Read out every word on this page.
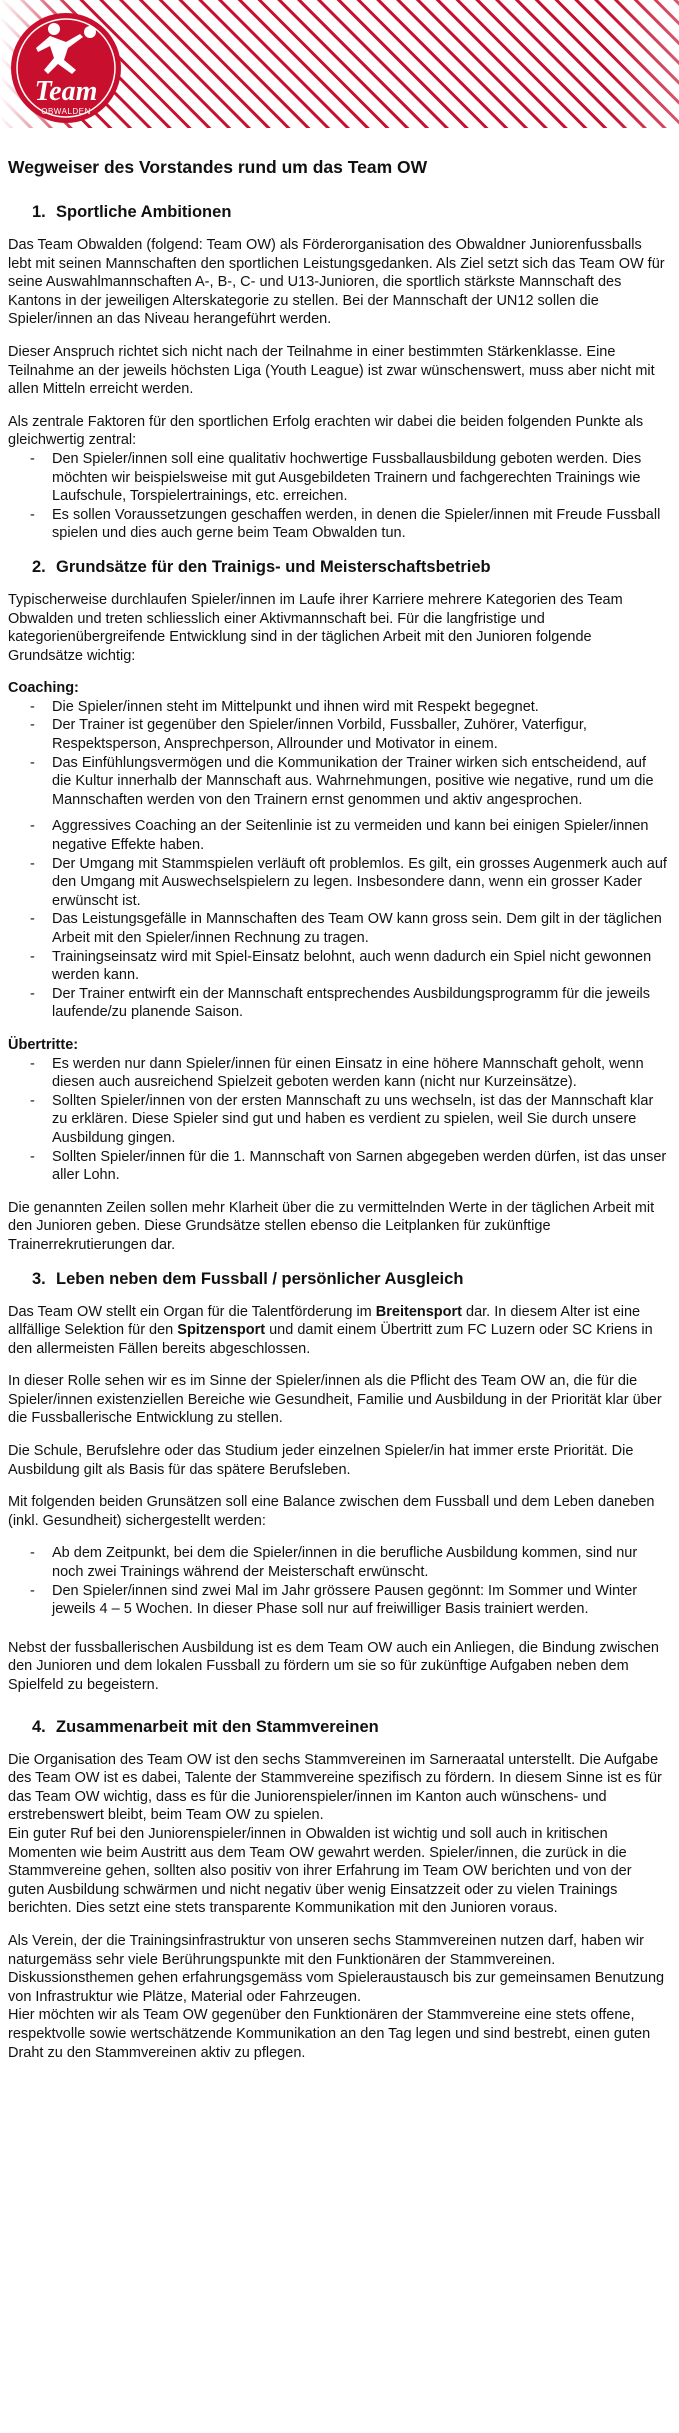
Team
OBWALDEN
Wegweiser des Vorstandes rund um das Team OW
1. Sportliche Ambitionen

Das Team Obwalden (folgend: Team OW) als Förderorganisation des Obwaldner Juniorenfussballs lebt mit seinen Mannschaften den sportlichen Leistungsgedanken. Als Ziel setzt sich das Team OW für seine Auswahlmannschaften A-, B-, C- und U13-Junioren, die sportlich stärkste Mannschaft des Kantons in der jeweiligen Alterskategorie zu stellen. Bei der Mannschaft der UN12 sollen die Spieler/innen an das Niveau herangeführt werden.

Dieser Anspruch richtet sich nicht nach der Teilnahme in einer bestimmten Stärkenklasse. Eine Teilnahme an der jeweils höchsten Liga (Youth League) ist zwar wünschenswert, muss aber nicht mit allen Mitteln erreicht werden.

Als zentrale Faktoren für den sportlichen Erfolg erachten wir dabei die beiden folgenden Punkte als gleichwertig zentral:

- Den Spieler/innen soll eine qualitativ hochwertige Fussballausbildung geboten werden. Dies möchten wir beispielsweise mit gut Ausgebildeten Trainern und fachgerechten Trainings wie Laufschule, Torspielertrainings, etc. erreichen.
- Es sollen Voraussetzungen geschaffen werden, in denen die Spieler/innen mit Freude Fussball spielen und dies auch gerne beim Team Obwalden tun.
2. Grundsätze für den Trainigs- und Meisterschaftsbetrieb

Typischerweise durchlaufen Spieler/innen im Laufe ihrer Karriere mehrere Kategorien des Team Obwalden und treten schliesslich einer Aktivmannschaft bei. Für die langfristige und kategorienübergreifende Entwicklung sind in der täglichen Arbeit mit den Junioren folgende Grundsätze wichtig:

Coaching:

- Die Spieler/innen steht im Mittelpunkt und ihnen wird mit Respekt begegnet.
- Der Trainer ist gegenüber den Spieler/innen Vorbild, Fussballer, Zuhörer, Vaterfigur, Respektsperson, Ansprechperson, Allrounder und Motivator in einem.
- Das Einfühlungsvermögen und die Kommunikation der Trainer wirken sich entscheidend, auf die Kultur innerhalb der Mannschaft aus. Wahrnehmungen, positive wie negative, rund um die Mannschaften werden von den Trainern ernst genommen und aktiv angesprochen.
- Aggressives Coaching an der Seitenlinie ist zu vermeiden und kann bei einigen Spieler/innen negative Effekte haben.
- Der Umgang mit Stammspielen verläuft oft problemlos. Es gilt, ein grosses Augenmerk auch auf den Umgang mit Auswechselspielern zu legen. Insbesondere dann, wenn ein grosser Kader erwünscht ist.
- Das Leistungsgefälle in Mannschaften des Team OW kann gross sein. Dem gilt in der täglichen Arbeit mit den Spieler/innen Rechnung zu tragen.
- Trainingseinsatz wird mit Spiel-Einsatz belohnt, auch wenn dadurch ein Spiel nicht gewonnen werden kann.
- Der Trainer entwirft ein der Mannschaft entsprechendes Ausbildungsprogramm für die jeweils laufende/zu planende Saison.

Übertritte:

- Es werden nur dann Spieler/innen für einen Einsatz in eine höhere Mannschaft geholt, wenn diesen auch ausreichend Spielzeit geboten werden kann (nicht nur Kurzeinsätze).
- Sollten Spieler/innen von der ersten Mannschaft zu uns wechseln, ist das der Mannschaft klar zu erklären. Diese Spieler sind gut und haben es verdient zu spielen, weil Sie durch unsere Ausbildung gingen.
- Sollten Spieler/innen für die 1. Mannschaft von Sarnen abgegeben werden dürfen, ist das unser aller Lohn.

Die genannten Zeilen sollen mehr Klarheit über die zu vermittelnden Werte in der täglichen Arbeit mit den Junioren geben. Diese Grundsätze stellen ebenso die Leitplanken für zukünftige Trainerrekrutierungen dar.

3. Leben neben dem Fussball / persönlicher Ausgleich

Das Team OW stellt ein Organ für die Talentförderung im Breitensport dar. In diesem Alter ist eine allfällige Selektion für den Spitzensport und damit einem Übertritt zum FC Luzern oder SC Kriens in den allermeisten Fällen bereits abgeschlossen.

In dieser Rolle sehen wir es im Sinne der Spieler/innen als die Pflicht des Team OW an, die für die Spieler/innen existenziellen Bereiche wie Gesundheit, Familie und Ausbildung in der Priorität klar über die Fussballerische Entwicklung zu stellen.

Die Schule, Berufslehre oder das Studium jeder einzelnen Spieler/in hat immer erste Priorität. Die Ausbildung gilt als Basis für das spätere Berufsleben.

Mit folgenden beiden Grunsätzen soll eine Balance zwischen dem Fussball und dem Leben daneben (inkl. Gesundheit) sichergestellt werden:

- Ab dem Zeitpunkt, bei dem die Spieler/innen in die berufliche Ausbildung kommen, sind nur noch zwei Trainings während der Meisterschaft erwünscht.
- Den Spieler/innen sind zwei Mal im Jahr grössere Pausen gegönnt: Im Sommer und Winter jeweils 4 – 5 Wochen. In dieser Phase soll nur auf freiwilliger Basis trainiert werden.

Nebst der fussballerischen Ausbildung ist es dem Team OW auch ein Anliegen, die Bindung zwischen den Junioren und dem lokalen Fussball zu fördern um sie so für zukünftige Aufgaben neben dem Spielfeld zu begeistern.

4. Zusammenarbeit mit den Stammvereinen

Die Organisation des Team OW ist den sechs Stammvereinen im Sarneraatal unterstellt. Die Aufgabe des Team OW ist es dabei, Talente der Stammvereine spezifisch zu fördern. In diesem Sinne ist es für das Team OW wichtig, dass es für die Juniorenspieler/innen im Kanton auch wünschens- und erstrebenswert bleibt, beim Team OW zu spielen.

Ein guter Ruf bei den Juniorenspieler/innen in Obwalden ist wichtig und soll auch in kritischen Momenten wie beim Austritt aus dem Team OW gewahrt werden. Spieler/innen, die zurück in die Stammvereine gehen, sollten also positiv von ihrer Erfahrung im Team OW berichten und von der guten Ausbildung schwärmen und nicht negativ über wenig Einsatzzeit oder zu vielen Trainings berichten. Dies setzt eine stets transparente Kommunikation mit den Junioren voraus.

Als Verein, der die Trainingsinfrastruktur von unseren sechs Stammvereinen nutzen darf, haben wir naturgemäss sehr viele Berührungspunkte mit den Funktionären der Stammvereinen. Diskussionsthemen gehen erfahrungsgemäss vom Spieleraustausch bis zur gemeinsamen Benutzung von Infrastruktur wie Plätze, Material oder Fahrzeugen.

Hier möchten wir als Team OW gegenüber den Funktionären der Stammvereine eine stets offene, respektvolle sowie wertschätzende Kommunikation an den Tag legen und sind bestrebt, einen guten Draht zu den Stammvereinen aktiv zu pflegen.
